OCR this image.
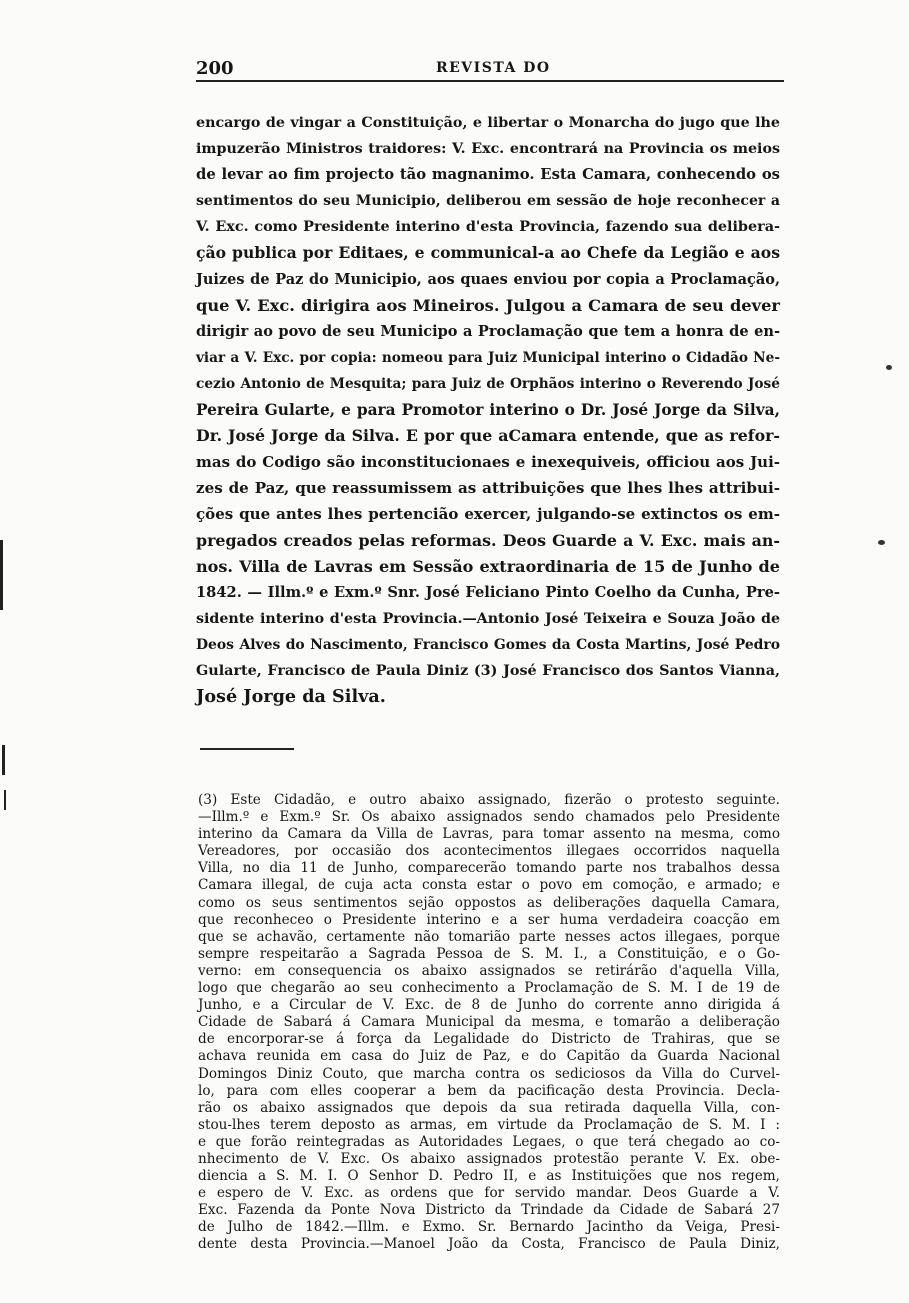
200	REVISTA DO
encargo de vingar a Constituição, e libertar o Monarcha do jugo que lhe
impuzerão Ministros traidores: V. Exc. encontrará na Provincia os meios
de levar ao fim projecto tão magnanimo. Esta Camara, conhecendo os
sentimentos do seu Municipio, deliberou em sessão de hoje reconhecer a
V. Exc. como Presidente interino d'esta Provincia, fazendo sua delibera-
ção publica por Editaes, e communical-a ao Chefe da Legião e aos
Juizes de Paz do Municipio, aos quaes enviou por copia a Proclamação,
que V. Exc. dirigira aos Mineiros. Julgou a Camara de seu dever
dirigir ao povo de seu Municipo a Proclamação que tem a honra de en-
viar a V. Exc. por copia: nomeou para Juiz Municipal interino o Cidadão Ne-
cezio Antonio de Mesquita; para Juiz de Orphãos interino o Reverendo José
Pereira Gularte, e para Promotor interino o Dr. José Jorge da Silva,
Dr. José Jorge da Silva. E por que aCamara entende, que as refor-
mas do Codigo são inconstitucionaes e inexequiveis, officiou aos Jui-
zes de Paz, que reassumissem as attribuições que lhes lhes attribui-
ções que antes lhes pertencião exercer, julgando-se extinctos os em-
pregados creados pelas reformas. Deos Guarde a V. Exc. mais an-
nos. Villa de Lavras em Sessão extraordinaria de 15 de Junho de
1842. — Illm.º e Exm.º Snr. José Feliciano Pinto Coelho da Cunha, Pre-
sidente interino d'esta Provincia.—Antonio José Teixeira e Souza João de
Deos Alves do Nascimento, Francisco Gomes da Costa Martins, José Pedro
Gularte, Francisco de Paula Diniz (3) José Francisco dos Santos Vianna,
José Jorge da Silva.
(3) Este Cidadão, e outro abaixo assignado, fizerão o protesto seguinte.
—Illm.º e Exm.º Sr. Os abaixo assignados sendo chamados pelo Presidente
interino da Camara da Villa de Lavras, para tomar assento na mesma, como
Vereadores, por occasião dos acontecimentos illegaes occorridos naquella
Villa, no dia 11 de Junho, comparecerão tomando parte nos trabalhos dessa
Camara illegal, de cuja acta consta estar o povo em comoção, e armado; e
como os seus sentimentos sejão oppostos as deliberações daquella Camara,
que reconheceo o Presidente interino e a ser huma verdadeira coacção em
que se achavão, certamente não tomarião parte nesses actos illegaes, porque
sempre respeitarão a Sagrada Pessoa de S. M. I., a Constituição, e o Go-
verno: em consequencia os abaixo assignados se retirárão d'aquella Villa,
logo que chegarão ao seu conhecimento a Proclamação de S. M. I de 19 de
Junho, e a Circular de V. Exc. de 8 de Junho do corrente anno dirigida á
Cidade de Sabará á Camara Municipal da mesma, e tomarão a deliberação
de encorporar-se á força da Legalidade do Districto de Trahiras, que se
achava reunida em casa do Juiz de Paz, e do Capitão da Guarda Nacional
Domingos Diniz Couto, que marcha contra os sediciosos da Villa do Curvel-
lo, para com elles cooperar a bem da pacificação desta Provincia. Decla-
rão os abaixo assignados que depois da sua retirada daquella Villa, con-
stou-lhes terem deposto as armas, em virtude da Proclamação de S. M. I :
e que forão reintegradas as Autoridades Legaes, o que terá chegado ao co-
nhecimento de V. Exc. Os abaixo assignados protestão perante V. Ex. obe-
diencia a S. M. I. O Senhor D. Pedro II, e as Instituições que nos regem,
e espero de V. Exc. as ordens que for servido mandar. Deos Guarde a V.
Exc. Fazenda da Ponte Nova Districto da Trindade da Cidade de Sabará 27
de Julho de 1842.—Illm. e Exmo. Sr. Bernardo Jacintho da Veiga, Presi-
dente desta Provincia.—Manoel João da Costa, Francisco de Paula Diniz,
